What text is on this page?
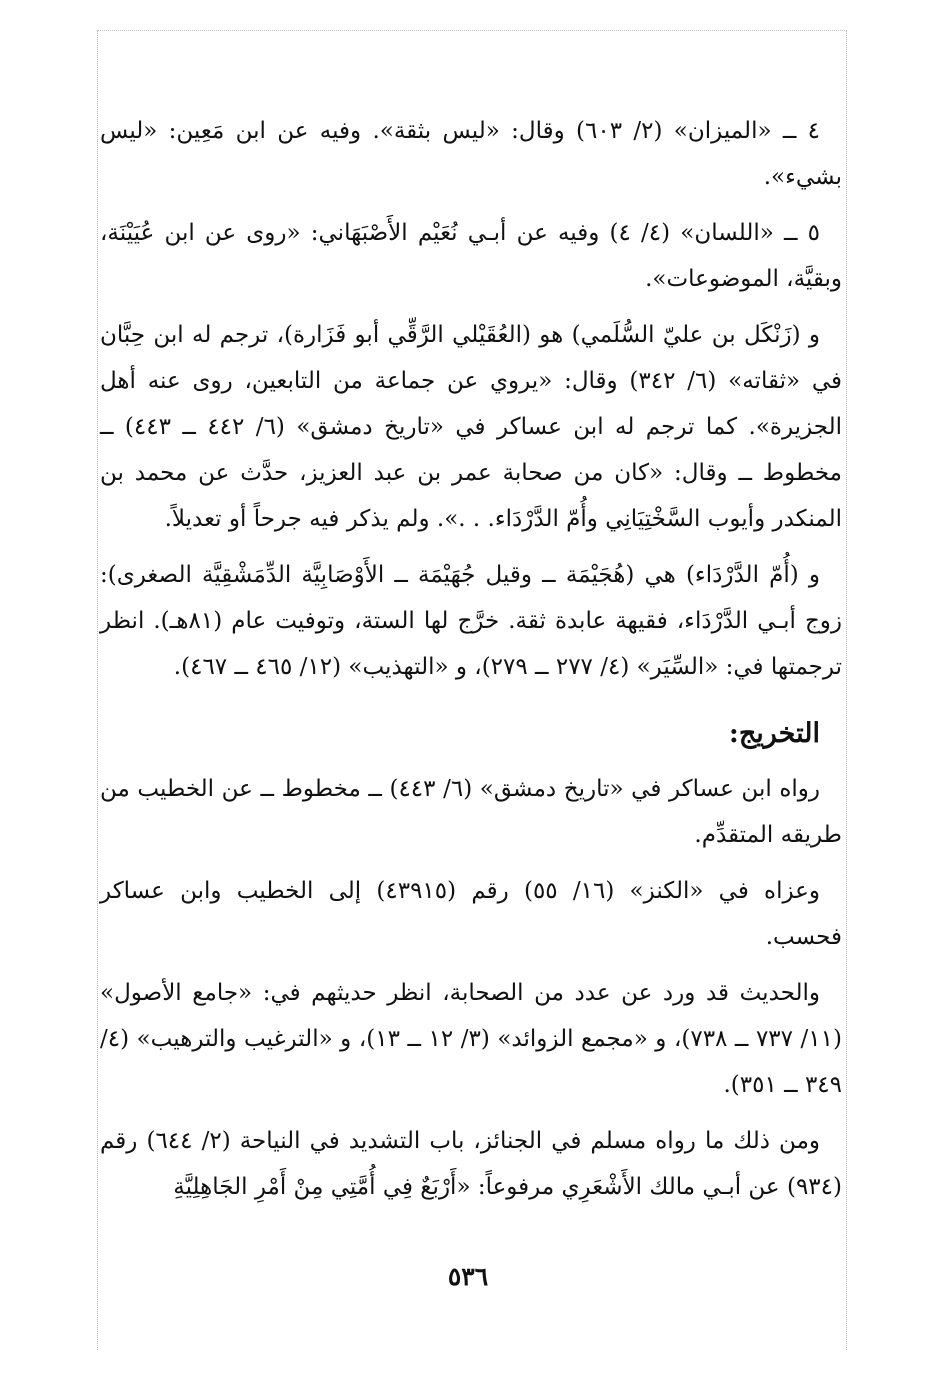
٤ ــ «الميزان» (٢/ ٦٠٣) وقال: «ليس بثقة». وفيه عن ابن مَعِين: «ليس بشيء».

٥ ــ «اللسان» (٤/ ٤) وفيه عن أبـي نُعَيْم الأَصْبَهَاني: «روى عن ابن عُيَيْنَة، وبقيَّة، الموضوعات».

و (زَنْكَل بن عليّ السُّلَمي) هو (العُقَيْلي الرَّقِّي أبو فَزَارة)، ترجم له ابن حِبَّان في «ثقاته» (٦/ ٣٤٢) وقال: «يروي عن جماعة من التابعين، روى عنه أهل الجزيرة». كما ترجم له ابن عساكر في «تاريخ دمشق» (٦/ ٤٤٢ ــ ٤٤٣) ــ مخطوط ــ وقال: «كان من صحابة عمر بن عبد العزيز، حدَّث عن محمد بن المنكدر وأيوب السَّخْتِيَانِي وأُمّ الدَّرْدَاء. . .». ولم يذكر فيه جرحاً أو تعديلاً.

و (أُمّ الدَّرْدَاء) هي (هُجَيْمَة ــ وقيل جُهَيْمَة ــ الأَوْصَابِيَّة الدِّمَشْقِيَّة الصغرى): زوج أبـي الدَّرْدَاء، فقيهة عابدة ثقة. خرَّج لها الستة، وتوفيت عام (٨١هـ). انظر ترجمتها في: «السِّيَر» (٤/ ٢٧٧ ــ ٢٧٩)، و «التهذيب» (١٢/ ٤٦٥ ــ ٤٦٧).

التخريج:

رواه ابن عساكر في «تاريخ دمشق» (٦/ ٤٤٣) ــ مخطوط ــ عن الخطيب من طريقه المتقدِّم.

وعزاه في «الكنز» (١٦/ ٥٥) رقم (٤٣٩١٥) إلى الخطيب وابن عساكر فحسب.

والحديث قد ورد عن عدد من الصحابة، انظر حديثهم في: «جامع الأصول» (١١/ ٧٣٧ ــ ٧٣٨)، و «مجمع الزوائد» (٣/ ١٢ ــ ١٣)، و «الترغيب والترهيب» (٤/ ٣٤٩ ــ ٣٥١).

ومن ذلك ما رواه مسلم في الجنائز، باب التشديد في النياحة (٢/ ٦٤٤) رقم (٩٣٤) عن أبـي مالك الأَشْعَرِي مرفوعاً: «أَرْبَعٌ فِي أُمَّتِي مِنْ أَمْرِ الجَاهِلِيَّةِ

٥٣٦
